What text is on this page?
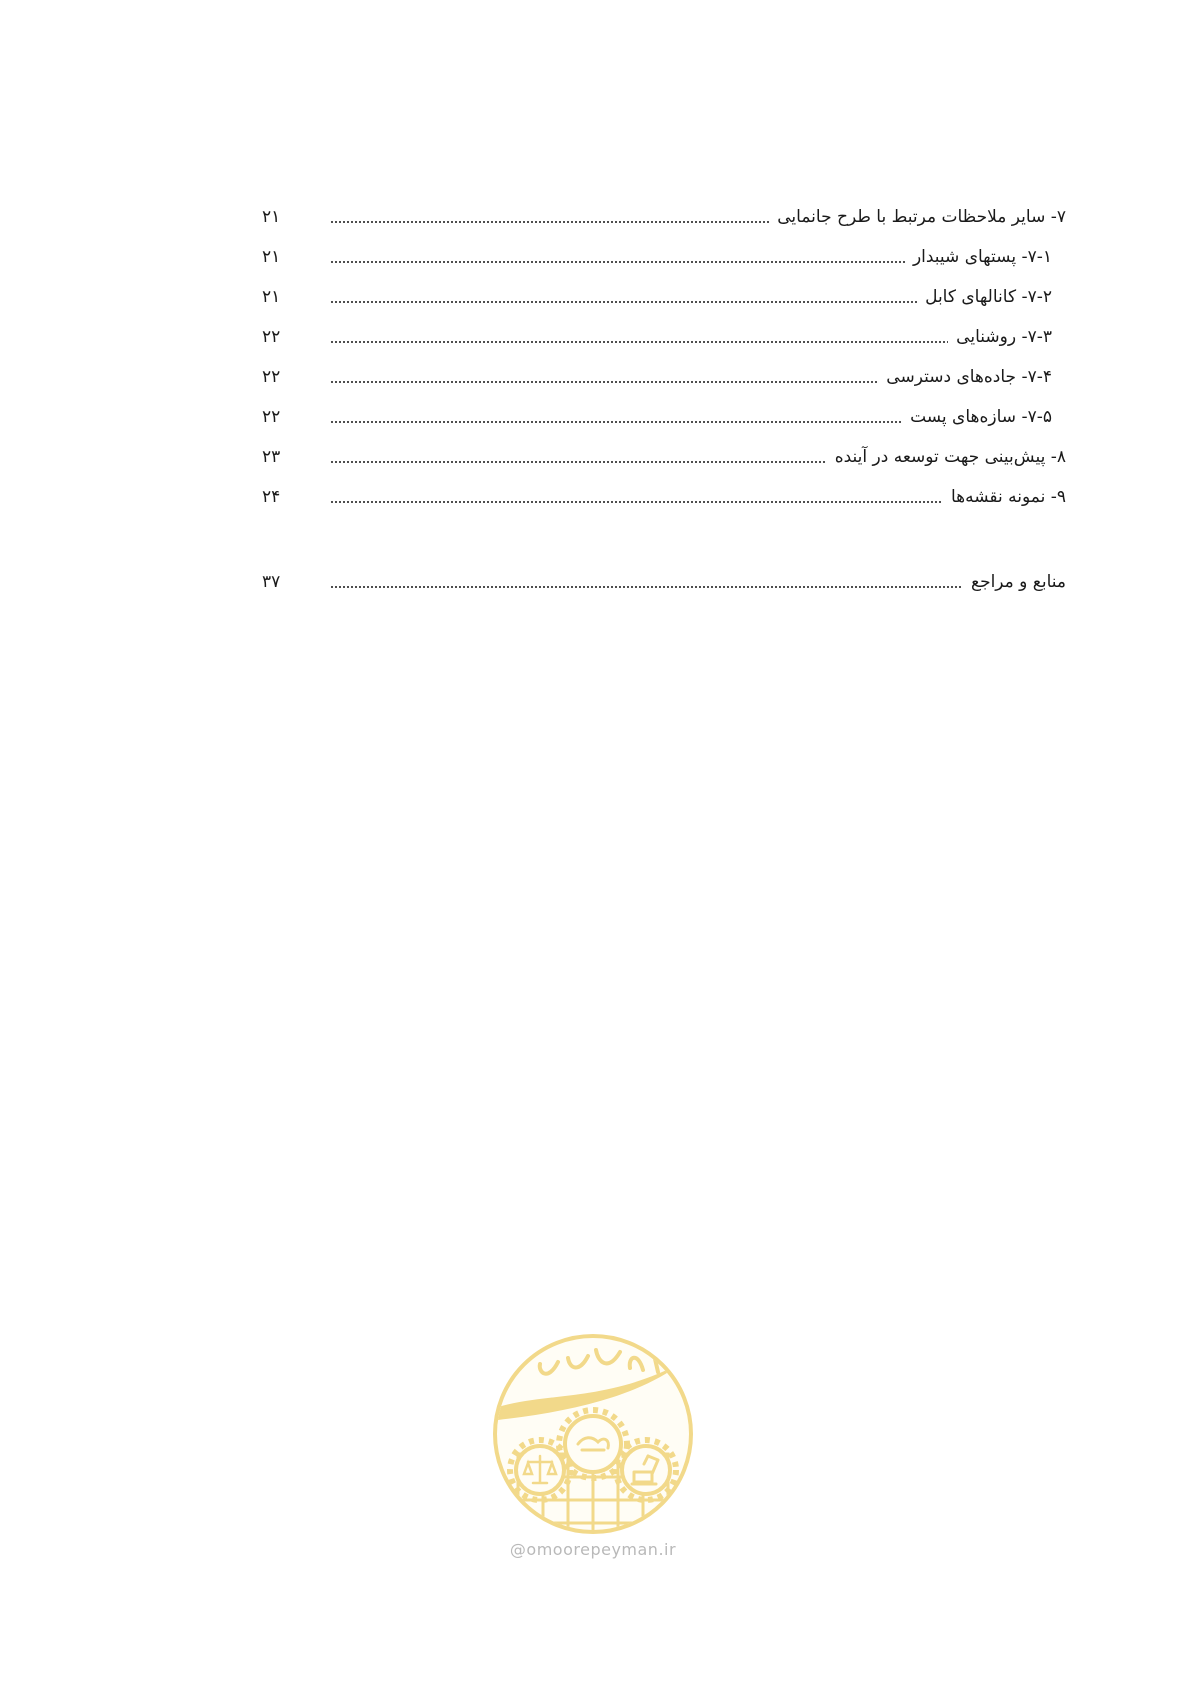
۷- سایر ملاحظات مرتبط با طرح جانمایی
۲۱
۷-۱- پستهای شیبدار
۲۱
۷-۲- کانالهای کابل
۲۱
۷-۳- روشنایی
۲۲
۷-۴- جاده‌های دسترسی
۲۲
۷-۵- سازه‌های پست
۲۲
۸- پیش‌بینی جهت توسعه در آینده
۲۳
۹- نمونه نقشه‌ها
۲۴
منابع و مراجع
۳۷
@omoorepeyman.ir
